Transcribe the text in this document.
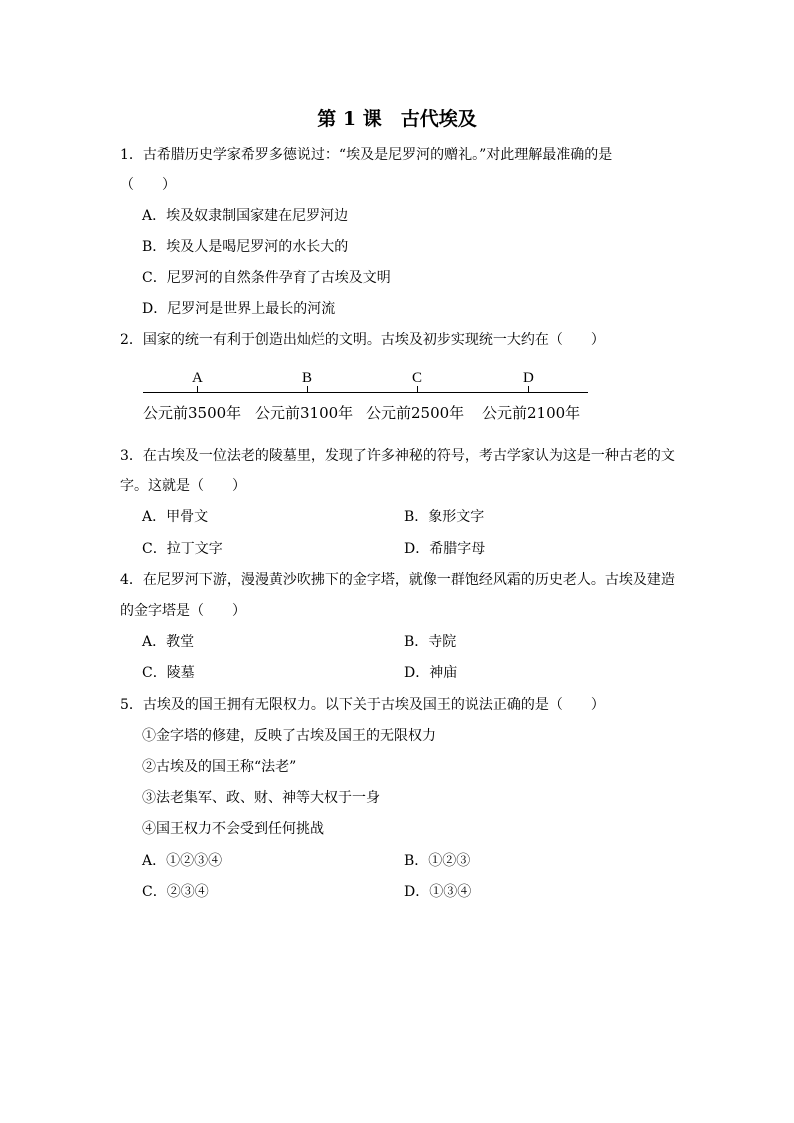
第 1 课　古代埃及
1．古希腊历史学家希罗多德说过：“埃及是尼罗河的赠礼。”对此理解最准确的是
（　　）
A．埃及奴隶制国家建在尼罗河边
B．埃及人是喝尼罗河的水长大的
C．尼罗河的自然条件孕育了古埃及文明
D．尼罗河是世界上最长的河流
2．国家的统一有利于创造出灿烂的文明。古埃及初步实现统一大约在（　　）
A	B	C	D
公元前3500年 公元前3100年 公元前2500年 公元前2100年
3．在古埃及一位法老的陵墓里，发现了许多神秘的符号，考古学家认为这是一种古老的文
字。这就是（　　）
A．甲骨文	B．象形文字
C．拉丁文字	D．希腊字母
4．在尼罗河下游，漫漫黄沙吹拂下的金字塔，就像一群饱经风霜的历史老人。古埃及建造
的金字塔是（　　）
A．教堂	B．寺院
C．陵墓	D．神庙
5．古埃及的国王拥有无限权力。以下关于古埃及国王的说法正确的是（　　）
①金字塔的修建，反映了古埃及国王的无限权力
②古埃及的国王称“法老”
③法老集军、政、财、神等大权于一身
④国王权力不会受到任何挑战
A．①②③④	B．①②③
C．②③④	D．①③④
